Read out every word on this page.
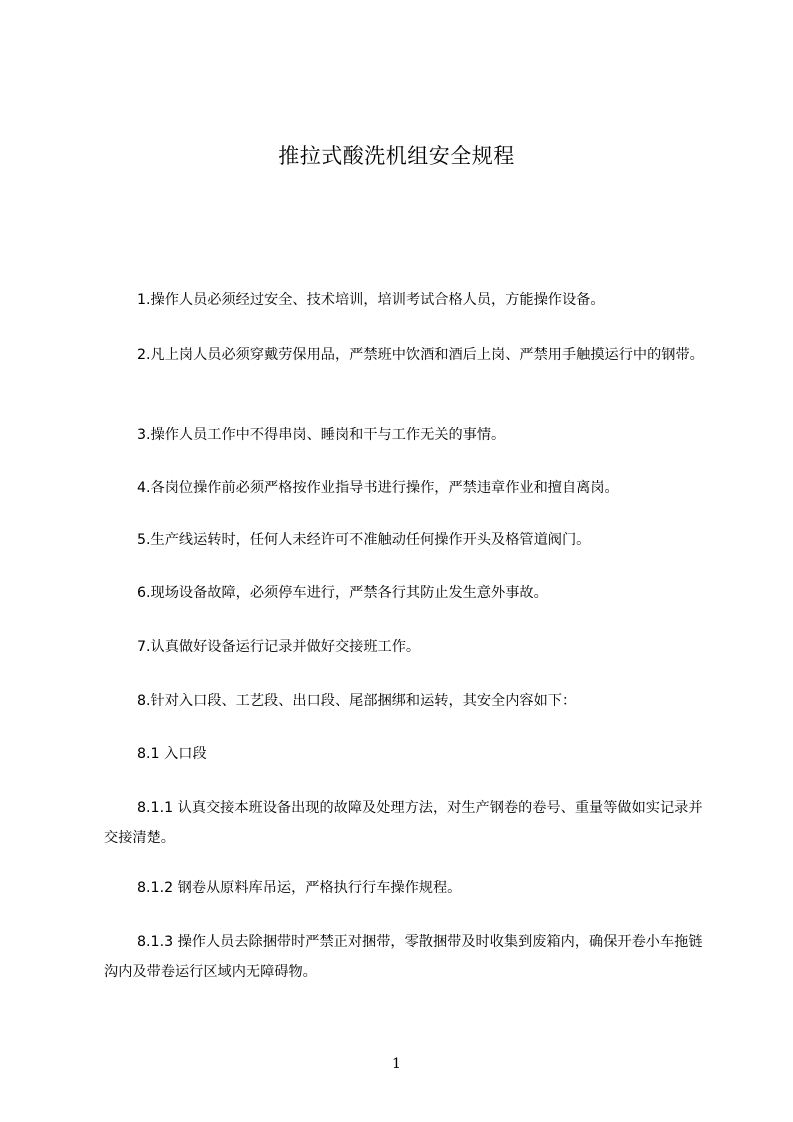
推拉式酸洗机组安全规程

1.操作人员必须经过安全、技术培训，培训考试合格人员，方能操作设备。

2.凡上岗人员必须穿戴劳保用品，严禁班中饮酒和酒后上岗、严禁用手触摸运行中的钢带。

3.操作人员工作中不得串岗、睡岗和干与工作无关的事情。

4.各岗位操作前必须严格按作业指导书进行操作，严禁违章作业和擅自离岗。

5.生产线运转时，任何人未经许可不准触动任何操作开头及格管道阀门。

6.现场设备故障，必须停车进行，严禁各行其防止发生意外事故。

7.认真做好设备运行记录并做好交接班工作。

8.针对入口段、工艺段、出口段、尾部捆绑和运转，其安全内容如下：

8.1 入口段

8.1.1 认真交接本班设备出现的故障及处理方法，对生产钢卷的卷号、重量等做如实记录并交接清楚。

8.1.2 钢卷从原料库吊运，严格执行行车操作规程。

8.1.3 操作人员去除捆带时严禁正对捆带，零散捆带及时收集到废箱内，确保开卷小车拖链沟内及带卷运行区域内无障碍物。

1
